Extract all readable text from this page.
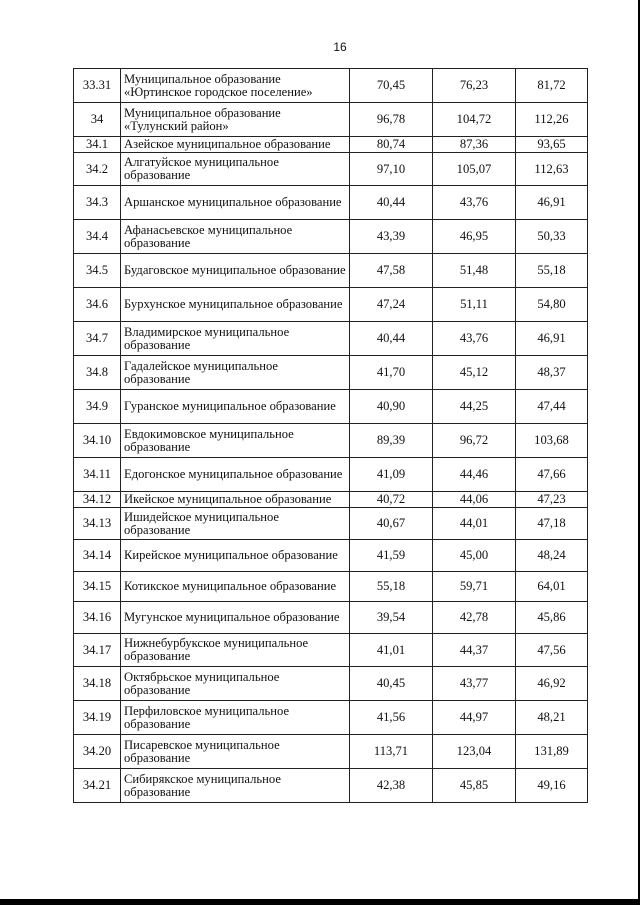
16
33.31	Муниципальное образование «Юртинское городское поселение»	70,45	76,23	81,72
34	Муниципальное образование «Тулунский район»	96,78	104,72	112,26
34.1	Азейское муниципальное образование	80,74	87,36	93,65
34.2	Алгатуйское муниципальное образование	97,10	105,07	112,63
34.3	Аршанское муниципальное образование	40,44	43,76	46,91
34.4	Афанасьевское муниципальное образование	43,39	46,95	50,33
34.5	Будаговское муниципальное образование	47,58	51,48	55,18
34.6	Бурхунское муниципальное образование	47,24	51,11	54,80
34.7	Владимирское муниципальное образование	40,44	43,76	46,91
34.8	Гадалейское муниципальное образование	41,70	45,12	48,37
34.9	Гуранское муниципальное образование	40,90	44,25	47,44
34.10	Евдокимовское муниципальное образование	89,39	96,72	103,68
34.11	Едогонское муниципальное образование	41,09	44,46	47,66
34.12	Икейское муниципальное образование	40,72	44,06	47,23
34.13	Ишидейское муниципальное образование	40,67	44,01	47,18
34.14	Кирейское муниципальное образование	41,59	45,00	48,24
34.15	Котикское муниципальное образование	55,18	59,71	64,01
34.16	Мугунское муниципальное образование	39,54	42,78	45,86
34.17	Нижнебурбукское муниципальное образование	41,01	44,37	47,56
34.18	Октябрьское муниципальное образование	40,45	43,77	46,92
34.19	Перфиловское муниципальное образование	41,56	44,97	48,21
34.20	Писаревское муниципальное образование	113,71	123,04	131,89
34.21	Сибирякское муниципальное образование	42,38	45,85	49,16
